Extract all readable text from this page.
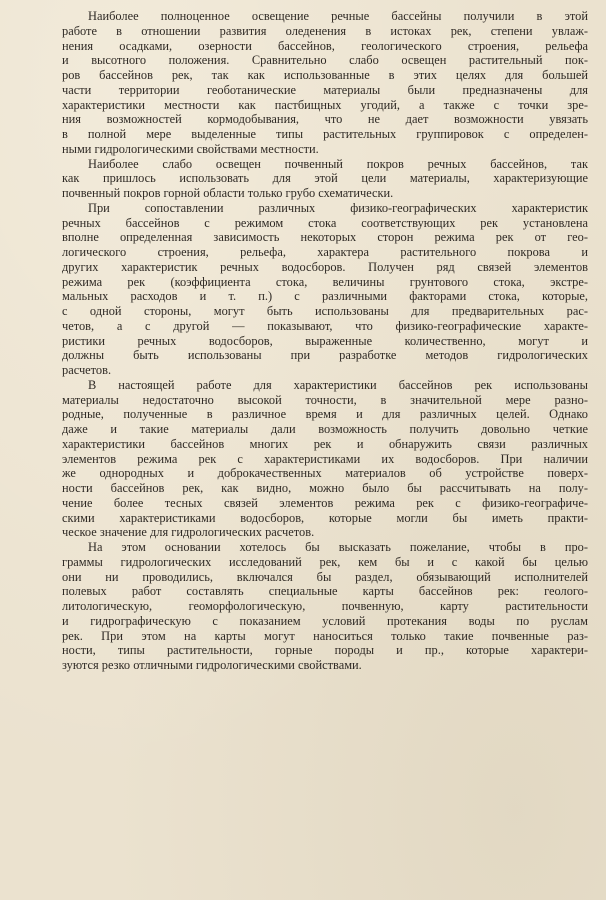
Наиболее полноценное освещение речные бассейны получили в этой
работе в отношении развития оледенения в истоках рек, степени увлаж-
нения осадками, озерности бассейнов, геологического строения, рельефа
и высотного положения. Сравнительно слабо освещен растительный пок-
ров бассейнов рек, так как использованные в этих целях для большей
части территории геоботанические материалы были предназначены для
характеристики местности как пастбищных угодий, а также с точки зре-
ния возможностей кормодобывания, что не дает возможности увязать
в полной мере выделенные типы растительных группировок с определен-
ными гидрологическими свойствами местности.
Наиболее слабо освещен почвенный покров речных бассейнов, так
как пришлось использовать для этой цели материалы, характеризующие
почвенный покров горной области только грубо схематически.
При сопоставлении различных физико-географических характеристик
речных бассейнов с режимом стока соответствующих рек установлена
вполне определенная зависимость некоторых сторон режима рек от гео-
логического строения, рельефа, характера растительного покрова и
других характеристик речных водосборов. Получен ряд связей элементов
режима рек (коэффициента стока, величины грунтового стока, экстре-
мальных расходов и т. п.) с различными факторами стока, которые,
с одной стороны, могут быть использованы для предварительных рас-
четов, а с другой — показывают, что физико-географические характе-
ристики речных водосборов, выраженные количественно, могут и
должны быть использованы при разработке методов гидрологических
расчетов.
В настоящей работе для характеристики бассейнов рек использованы
материалы недостаточно высокой точности, в значительной мере разно-
родные, полученные в различное время и для различных целей. Однако
даже и такие материалы дали возможность получить довольно четкие
характеристики бассейнов многих рек и обнаружить связи различных
элементов режима рек с характеристиками их водосборов. При наличии
же однородных и доброкачественных материалов об устройстве поверх-
ности бассейнов рек, как видно, можно было бы рассчитывать на полу-
чение более тесных связей элементов режима рек с физико-географиче-
скими характеристиками водосборов, которые могли бы иметь практи-
ческое значение для гидрологических расчетов.
На этом основании хотелось бы высказать пожелание, чтобы в про-
граммы гидрологических исследований рек, кем бы и с какой бы целью
они ни проводились, включался бы раздел, обязывающий исполнителей
полевых работ составлять специальные карты бассейнов рек: геолого-
литологическую, геоморфологическую, почвенную, карту растительности
и гидрографическую с показанием условий протекания воды по руслам
рек. При этом на карты могут наноситься только такие почвенные раз-
ности, типы растительности, горные породы и пр., которые характери-
зуются резко отличными гидрологическими свойствами.
